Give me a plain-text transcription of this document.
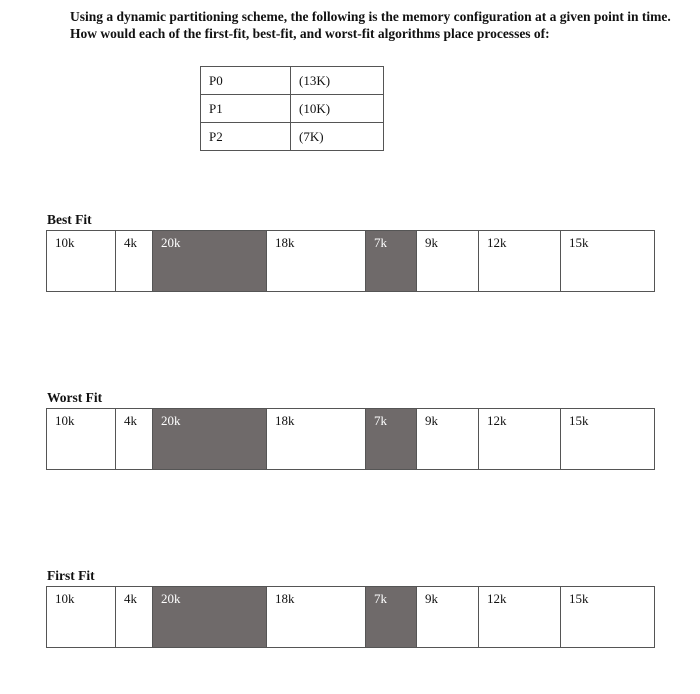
Using a dynamic partitioning scheme, the following is the memory configuration at a given point in time. How would each of the first-fit, best-fit, and worst-fit algorithms place processes of:

P0	(13K)
P1	(10K)
P2	(7K)
Best Fit
10k	4k	20k	18k	7k	9k	12k	15k
Worst Fit
10k	4k	20k	18k	7k	9k	12k	15k
First Fit
10k	4k	20k	18k	7k	9k	12k	15k
